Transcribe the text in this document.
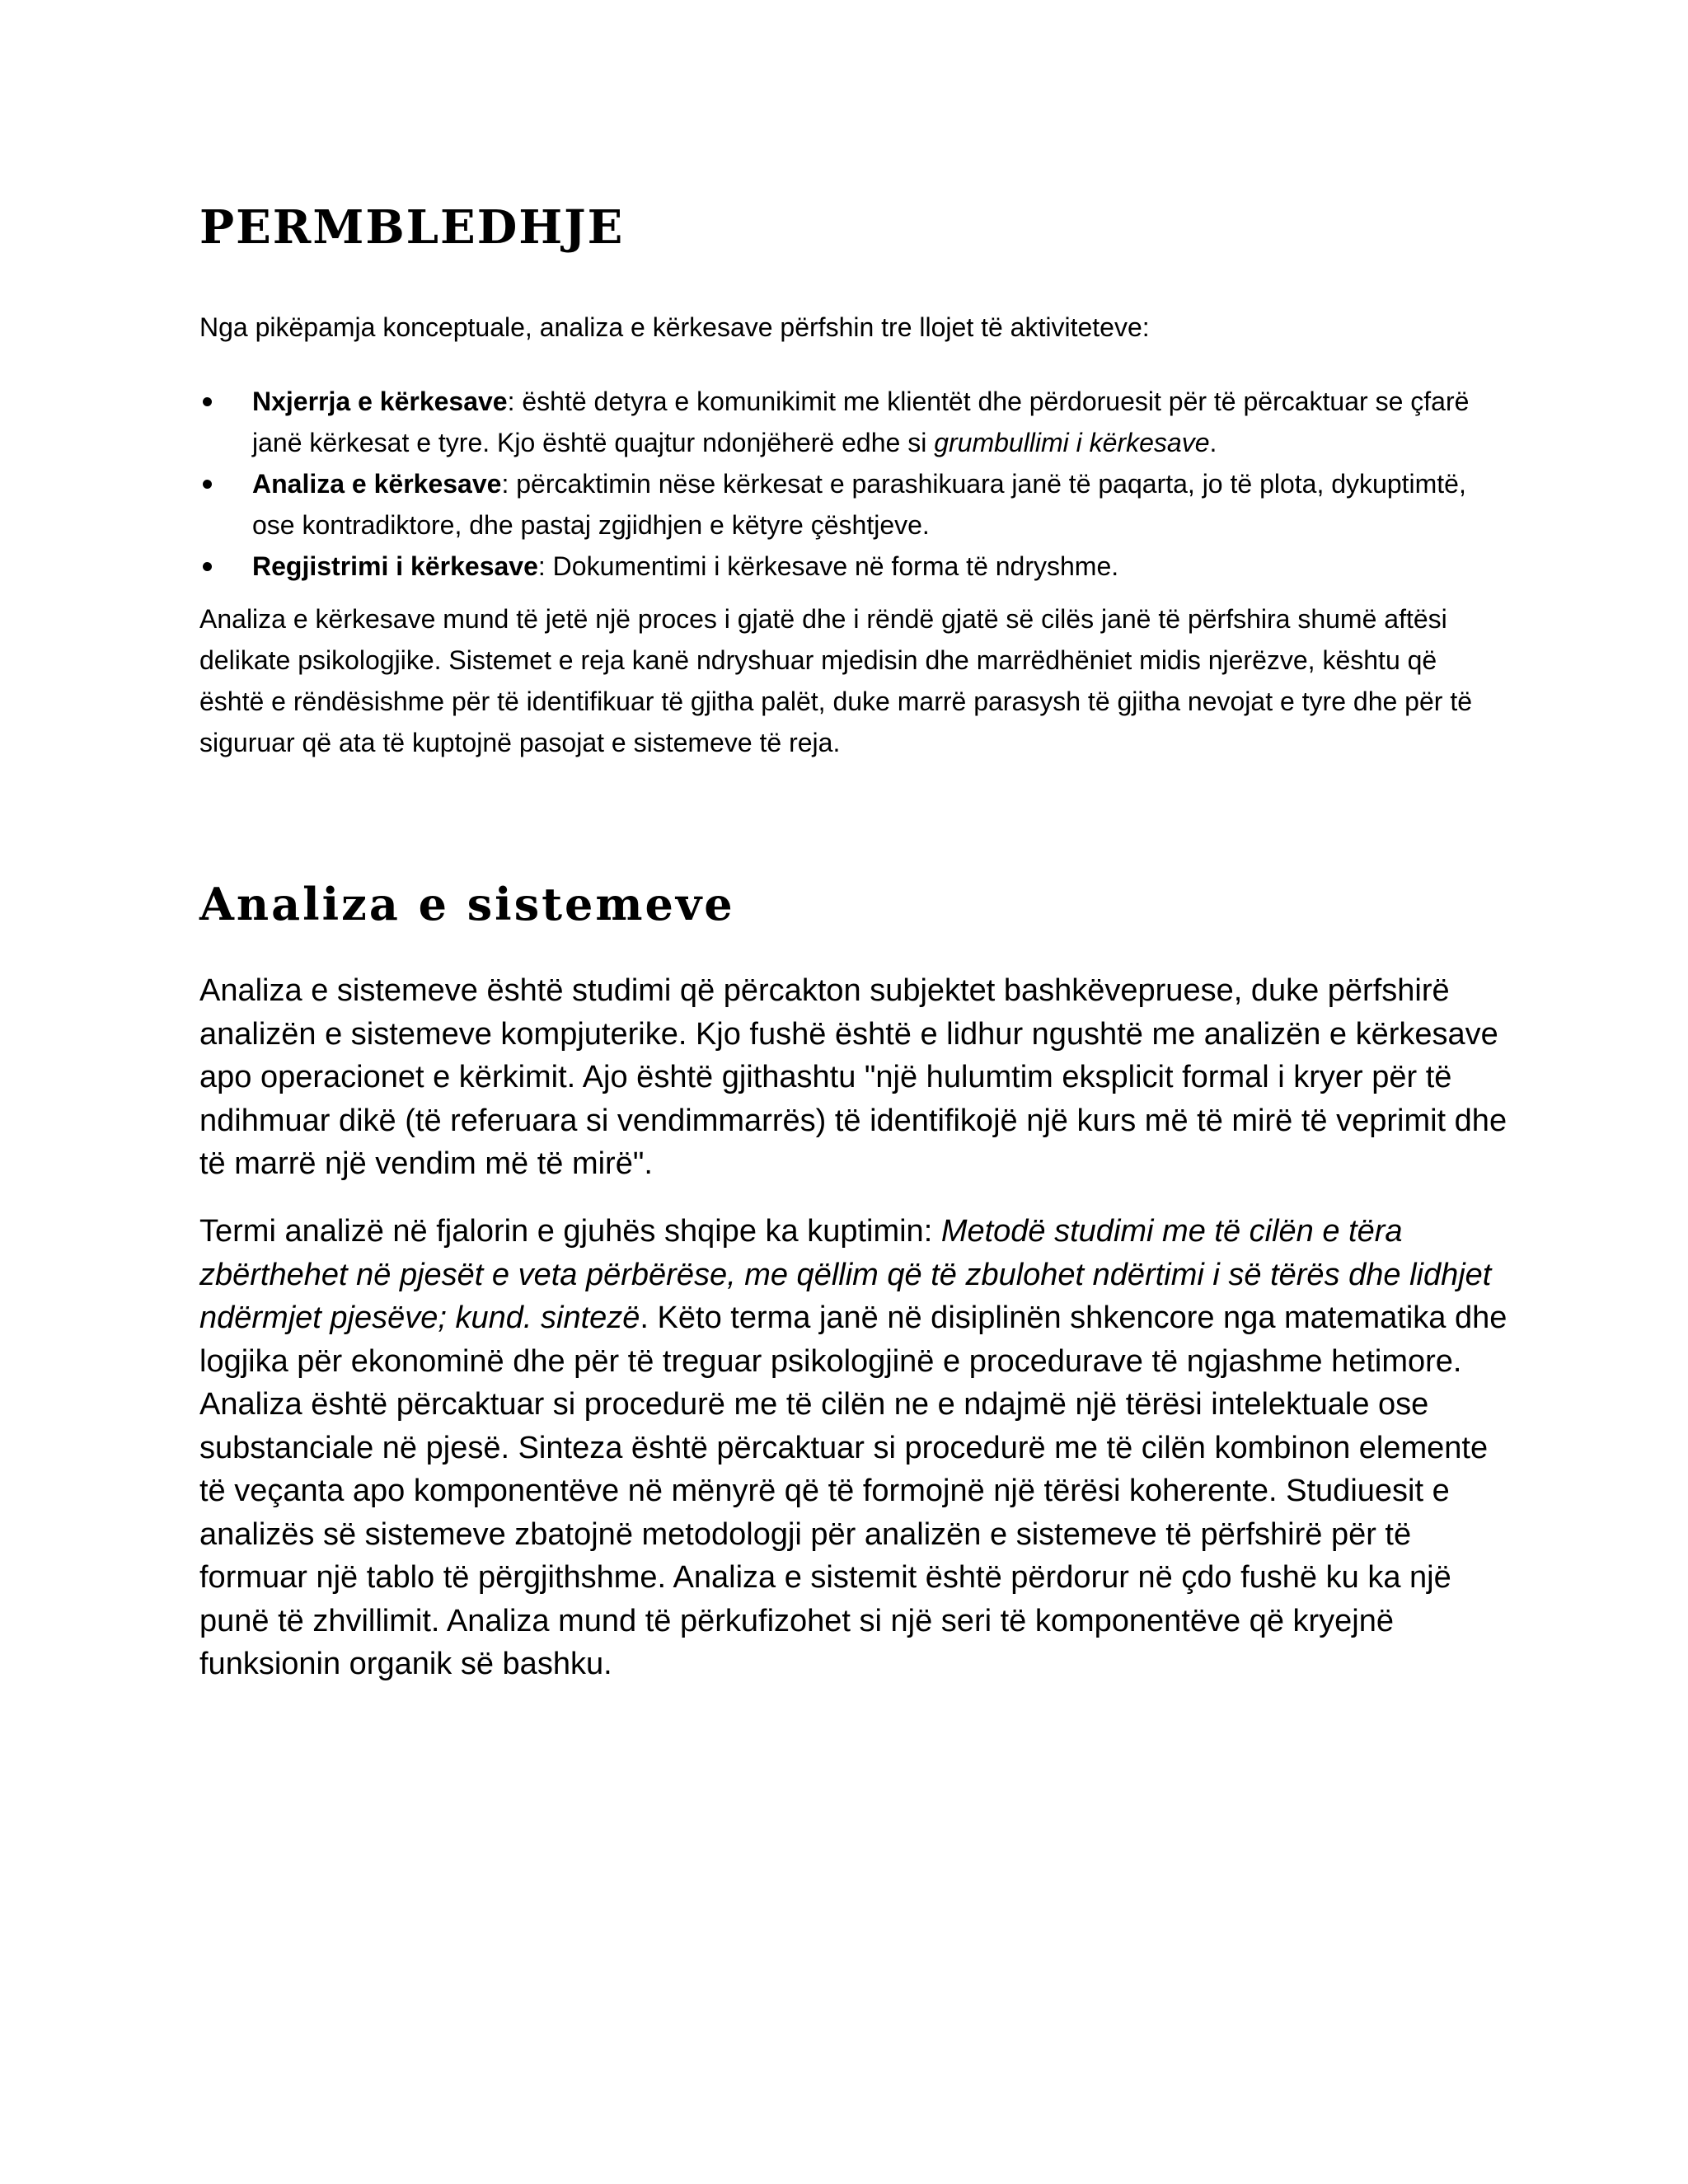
PERMBLEDHJE

Nga pikëpamja konceptuale, analiza e kërkesave përfshin tre llojet të aktiviteteve:

Nxjerrja e kërkesave: është detyra e komunikimit me klientët dhe përdoruesit për të përcaktuar se çfarë janë kërkesat e tyre. Kjo është quajtur ndonjëherë edhe si grumbullimi i kërkesave.
Analiza e kërkesave: përcaktimin nëse kërkesat e parashikuara janë të paqarta, jo të plota, dykuptimtë, ose kontradiktore, dhe pastaj zgjidhjen e këtyre çështjeve.
Regjistrimi i kërkesave: Dokumentimi i kërkesave në forma të ndryshme.

Analiza e kërkesave mund të jetë një proces i gjatë dhe i rëndë gjatë së cilës janë të përfshira shumë aftësi delikate psikologjike. Sistemet e reja kanë ndryshuar mjedisin dhe marrëdhëniet midis njerëzve, kështu që është e rëndësishme për të identifikuar të gjitha palët, duke marrë parasysh të gjitha nevojat e tyre dhe për të siguruar që ata të kuptojnë pasojat e sistemeve të reja.

Analiza e sistemeve

Analiza e sistemeve është studimi që përcakton subjektet bashkëvepruese, duke përfshirë analizën e sistemeve kompjuterike. Kjo fushë është e lidhur ngushtë me analizën e kërkesave apo operacionet e kërkimit. Ajo është gjithashtu "një hulumtim eksplicit formal i kryer për të ndihmuar dikë (të referuara si vendimmarrës) të identifikojë një kurs më të mirë të veprimit dhe të marrë një vendim më të mirë".

Termi analizë në fjalorin e gjuhës shqipe ka kuptimin: Metodë studimi me të cilën e tëra zbërthehet në pjesët e veta përbërëse, me qëllim që të zbulohet ndërtimi i së tërës dhe lidhjet ndërmjet pjesëve; kund. sintezë. Këto terma janë në disiplinën shkencore nga matematika dhe logjika për ekonominë dhe për të treguar psikologjinë e procedurave të ngjashme hetimore. Analiza është përcaktuar si procedurë me të cilën ne e ndajmë një tërësi intelektuale ose substanciale në pjesë. Sinteza është përcaktuar si procedurë me të cilën kombinon elemente të veçanta apo komponentëve në mënyrë që të formojnë një tërësi koherente. Studiuesit e analizës së sistemeve zbatojnë metodologji për analizën e sistemeve të përfshirë për të formuar një tablo të përgjithshme. Analiza e sistemit është përdorur në çdo fushë ku ka një punë të zhvillimit. Analiza mund të përkufizohet si një seri të komponentëve që kryejnë funksionin organik së bashku.
